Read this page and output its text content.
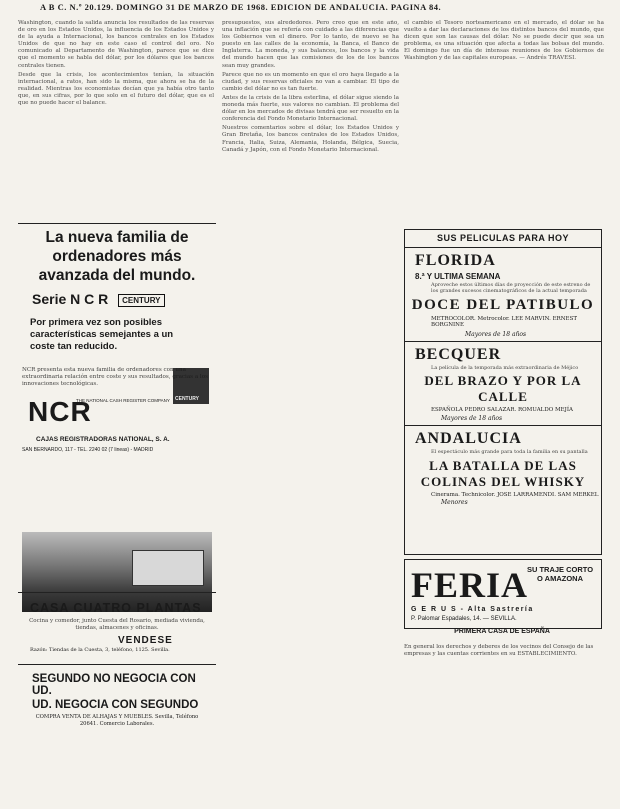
A B C. N.º 20.129. DOMINGO 31 DE MARZO DE 1968. EDICION DE ANDALUCIA. PAGINA 84.

Washington, cuando la salida anuncia los resultados de las reservas de oro en los Estados Unidos, la influencia de los Estados Unidos y de la ayuda a Internacional, los bancos centrales en los Estados Unidos de que no hay en este caso el control del oro. No comunicado al Departamento de Washington, parece que se dice que el momento se habla del dólar, por los dólares que los bancos centrales tienen.

Desde que la crisis, los acontecimientos tenían, la situación internacional, a ratos, han sido la misma, que ahora se ha de la realidad. Mientras los economistas decían que ya había otro tanto que, en sus cifras, por lo que solo en el futuro del dólar, que es el que no puede hacer el balance.

La nueva familia de ordenadores más avanzada del mundo.
Serie N C R CENTURY
Por primera vez son posibles características semejantes a un coste tan reducido.
CENTURY
NCR presenta esta nueva familia de ordenadores con una extraordinaria relación entre coste y sus resultados, gracias a los innovaciones tecnológicas.
NCR
THE NATIONAL CASH REGISTER COMPANY
CAJAS REGISTRADORAS NATIONAL, S. A.
SAN BERNARDO, 117 - TEL. 2240 02 (7 lineas) - MADRID
CASA CUATRO PLANTAS
Cocina y comedor, junto Cuesta del Rosario, mediada vivienda, tiendas, almacenes y oficinas.
VENDESE
Razón: Tiendas de la Cuesta, 3, teléfono, 1125. Sevilla.
SEGUNDO NO NEGOCIA CON UD.
UD. NEGOCIA CON SEGUNDO
COMPRA VENTA DE ALHAJAS Y MUEBLES. Sevilla, Teléfono 20641. Comercio Laborales.

presupuestos, sus alrededores. Pero creo que en este año, una inflación que se refería con cuidado a las diferencias que los Gobiernos ven el dinero. Por lo tanto, de nuevo se ha puesto en las calles de la economía, la Banca, el Banco de Inglaterra. La moneda, y sus balances, los bancos y la vida del mundo hacen que las comisiones de los de los bancos sean muy grandes.

Parece que no es un momento en que el oro haya llegado a la ciudad, y sus reservas oficiales no van a cambiar. El tipo de cambio del dólar no es tan fuerte.

Antes de la crisis de la libra esterlina, el dólar sigue siendo la moneda más fuerte, sus valores no cambian. El problema del dólar en los mercados de divisas tendrá que ser resuelto en la conferencia del Fondo Monetario Internacional.

Nuestros comentarios sobre el dólar, los Estados Unidos y Gran Bretaña, los bancos centrales de los Estados Unidos, Francia, Italia, Suiza, Alemania, Holanda, Bélgica, Suecia, Canadá y Japón, con el Fondo Monetario Internacional.

el cambio el Tesoro norteamericano en el mercado, el dólar se ha vuelto a dar las declaraciones de los distintos bancos del mundo, que dicen que son las causas del dólar. No se puede decir que sea un problema, es una situación que afecta a todas las bolsas del mundo. El domingo fue un día de intensas reuniones de los Gobiernos de Washington y de las capitales europeas. — Andrés TRAVESI.

SUS PELICULAS PARA HOY
FLORIDA
8.ª Y ULTIMA SEMANA
Aproveche estos últimos días de proyección de este estreno de los grandes sucesos cinematográficos de la actual temporada
DOCE DEL PATIBULO
METROCOLOR. Metrocolor. LEE MARVIN. ERNEST BORGNINE
Mayores de 18 años
BECQUER
La película de la temporada más extraordinaria de Méjico
DEL BRAZO Y POR LA CALLE
ESPAÑOLA PEDRO SALAZAR. ROMUALDO MEJÍA
Mayores de 18 años
ANDALUCIA
El espectáculo más grande para toda la familia en su pantalla
LA BATALLA DE LAS COLINAS DEL WHISKY
Cinerama. Technicolor. JOSE LARRAMENDI. SAM MERKEL
Menores
FERIA
SU TRAJE CORTO O AMAZONA
G E R U S - Alta Sastrería
P. Palomar Espadales, 14. — SEVILLA.
PRIMERA CASA DE ESPAÑA
En general los derechos y deberes de los vecinos del Consejo de las empresas y las cuentas corrientes en su ESTABLECIMIENTO.
